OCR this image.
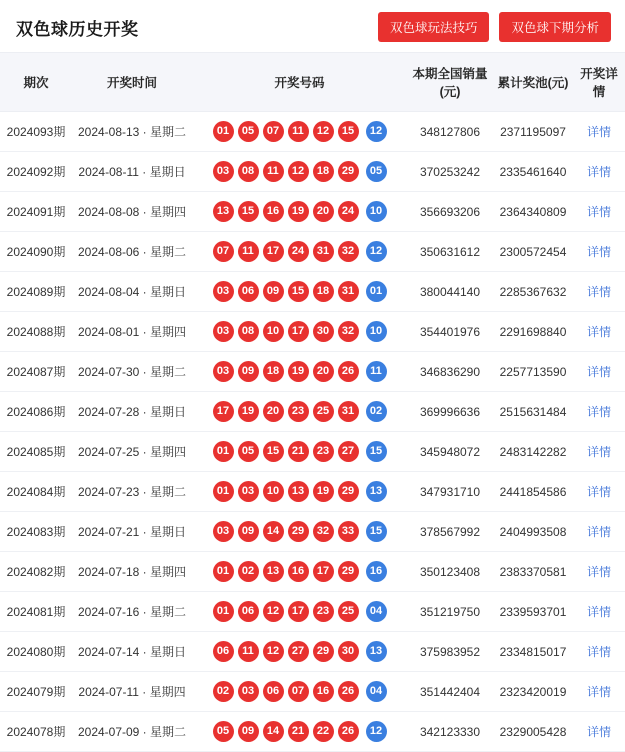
双色球历史开奖	双色球玩法技巧	双色球下期分析
期次	开奖时间	开奖号码	本期全国销量(元)	累计奖池(元)	开奖详情
2024093期	2024-08-13 · 星期二	01	05	07	11	12	15	12	348127806	2371195097	详情
2024092期	2024-08-11 · 星期日	03	08	11	12	18	29	05	370253242	2335461640	详情
2024091期	2024-08-08 · 星期四	13	15	16	19	20	24	10	356693206	2364340809	详情
2024090期	2024-08-06 · 星期二	07	11	17	24	31	32	12	350631612	2300572454	详情
2024089期	2024-08-04 · 星期日	03	06	09	15	18	31	01	380044140	2285367632	详情
2024088期	2024-08-01 · 星期四	03	08	10	17	30	32	10	354401976	2291698840	详情
2024087期	2024-07-30 · 星期二	03	09	18	19	20	26	11	346836290	2257713590	详情
2024086期	2024-07-28 · 星期日	17	19	20	23	25	31	02	369996636	2515631484	详情
2024085期	2024-07-25 · 星期四	01	05	15	21	23	27	15	345948072	2483142282	详情
2024084期	2024-07-23 · 星期二	01	03	10	13	19	29	13	347931710	2441854586	详情
2024083期	2024-07-21 · 星期日	03	09	14	29	32	33	15	378567992	2404993508	详情
2024082期	2024-07-18 · 星期四	01	02	13	16	17	29	16	350123408	2383370581	详情
2024081期	2024-07-16 · 星期二	01	06	12	17	23	25	04	351219750	2339593701	详情
2024080期	2024-07-14 · 星期日	06	11	12	27	29	30	13	375983952	2334815017	详情
2024079期	2024-07-11 · 星期四	02	03	06	07	16	26	04	351442404	2323420019	详情
2024078期	2024-07-09 · 星期二	05	09	14	21	22	26	12	342123330	2329005428	详情
